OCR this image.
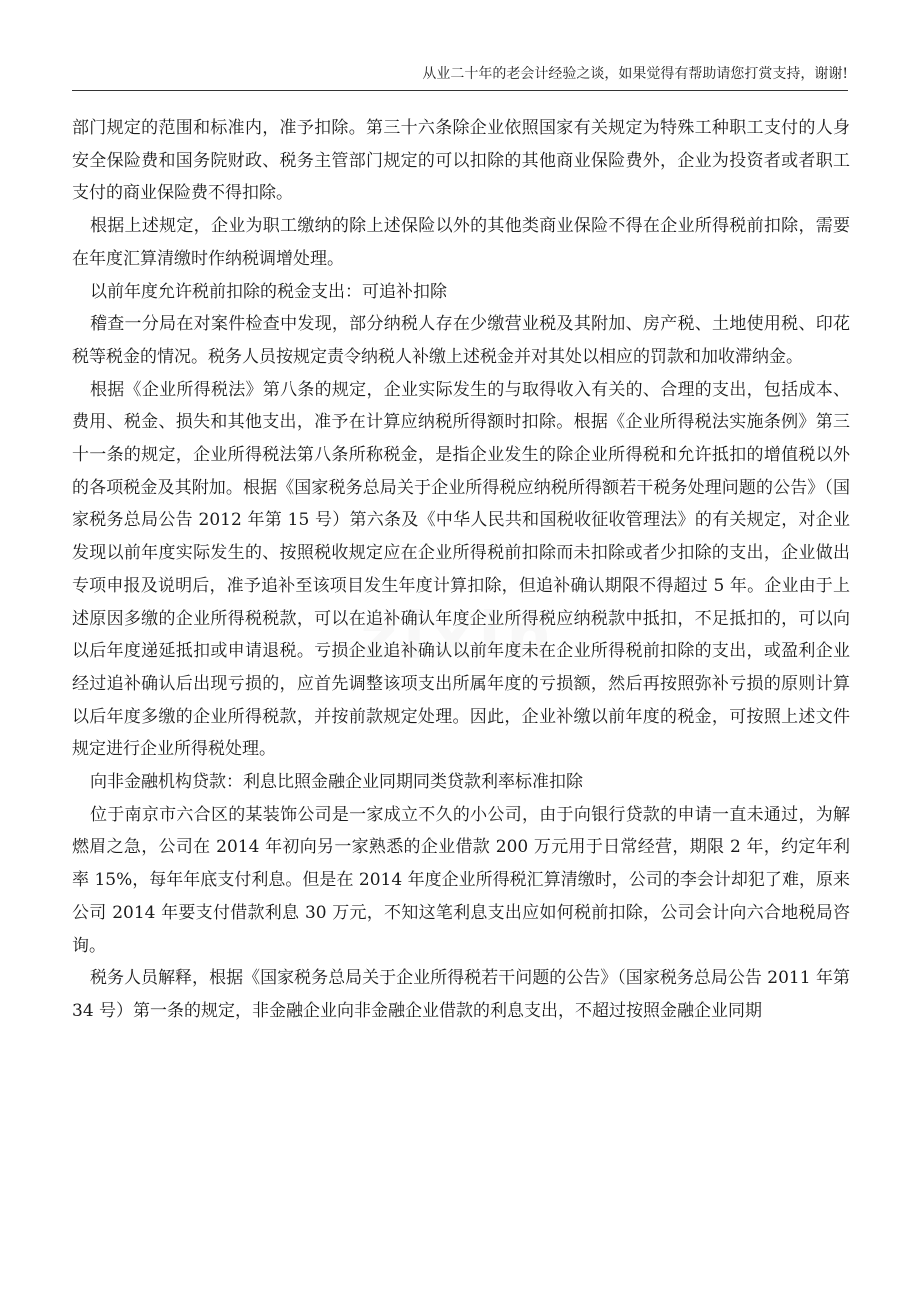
从业二十年的老会计经验之谈，如果觉得有帮助请您打赏支持，谢谢!
zixin

部门规定的范围和标准内，准予扣除。第三十六条除企业依照国家有关规定为特殊工种职工支付的人身安全保险费和国务院财政、税务主管部门规定的可以扣除的其他商业保险费外，企业为投资者或者职工支付的商业保险费不得扣除。

根据上述规定，企业为职工缴纳的除上述保险以外的其他类商业保险不得在企业所得税前扣除，需要在年度汇算清缴时作纳税调增处理。

以前年度允许税前扣除的税金支出：可追补扣除

稽查一分局在对案件检查中发现，部分纳税人存在少缴营业税及其附加、房产税、土地使用税、印花税等税金的情况。税务人员按规定责令纳税人补缴上述税金并对其处以相应的罚款和加收滞纳金。

根据《企业所得税法》第八条的规定，企业实际发生的与取得收入有关的、合理的支出，包括成本、费用、税金、损失和其他支出，准予在计算应纳税所得额时扣除。根据《企业所得税法实施条例》第三十一条的规定，企业所得税法第八条所称税金，是指企业发生的除企业所得税和允许抵扣的增值税以外的各项税金及其附加。根据《国家税务总局关于企业所得税应纳税所得额若干税务处理问题的公告》（国家税务总局公告 2012 年第 15 号）第六条及《中华人民共和国税收征收管理法》的有关规定，对企业发现以前年度实际发生的、按照税收规定应在企业所得税前扣除而未扣除或者少扣除的支出，企业做出专项申报及说明后，准予追补至该项目发生年度计算扣除，但追补确认期限不得超过 5 年。企业由于上述原因多缴的企业所得税税款，可以在追补确认年度企业所得税应纳税款中抵扣，不足抵扣的，可以向以后年度递延抵扣或申请退税。亏损企业追补确认以前年度未在企业所得税前扣除的支出，或盈利企业经过追补确认后出现亏损的，应首先调整该项支出所属年度的亏损额，然后再按照弥补亏损的原则计算以后年度多缴的企业所得税款，并按前款规定处理。因此，企业补缴以前年度的税金，可按照上述文件规定进行企业所得税处理。

向非金融机构贷款：利息比照金融企业同期同类贷款利率标准扣除

位于南京市六合区的某装饰公司是一家成立不久的小公司，由于向银行贷款的申请一直未通过，为解燃眉之急，公司在 2014 年初向另一家熟悉的企业借款 200 万元用于日常经营，期限 2 年，约定年利率 15%，每年年底支付利息。但是在 2014 年度企业所得税汇算清缴时，公司的李会计却犯了难，原来公司 2014 年要支付借款利息 30 万元，不知这笔利息支出应如何税前扣除，公司会计向六合地税局咨询。

税务人员解释，根据《国家税务总局关于企业所得税若干问题的公告》（国家税务总局公告 2011 年第 34 号）第一条的规定，非金融企业向非金融企业借款的利息支出，不超过按照金融企业同期
